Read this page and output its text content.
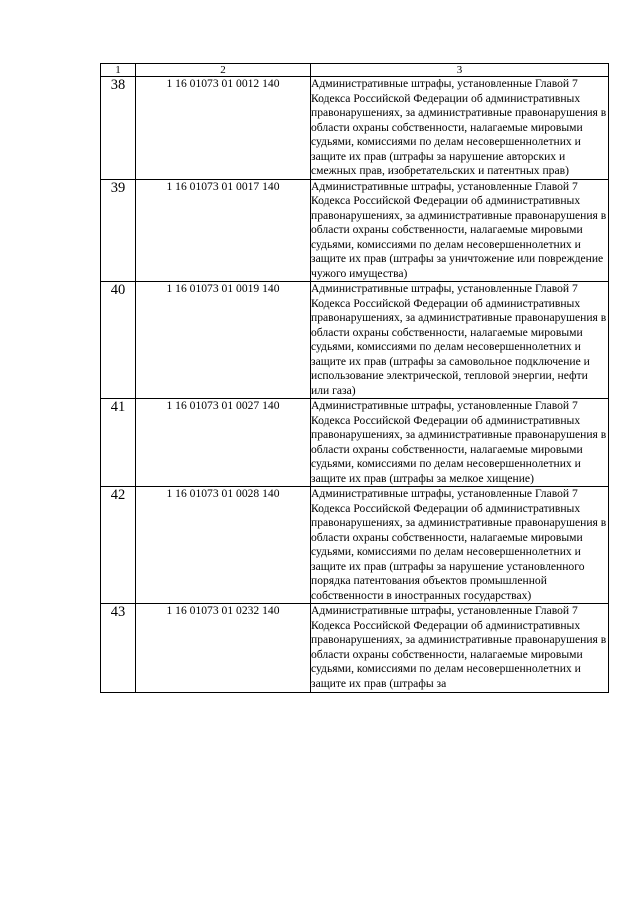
1	2	3
38	1 16 01073 01 0012 140	Административные штрафы, установленные Главой 7 Кодекса Российской Федерации об административных правонарушениях, за административные правонарушения в области охраны собственности, налагаемые мировыми судьями, комиссиями по делам несовершеннолетних и защите их прав (штрафы за нарушение авторских и смежных прав, изобретательских и патентных прав)
39	1 16 01073 01 0017 140	Административные штрафы, установленные Главой 7 Кодекса Российской Федерации об административных правонарушениях, за административные правонарушения в области охраны собственности, налагаемые мировыми судьями, комиссиями по делам несовершеннолетних и защите их прав (штрафы за уничтожение или повреждение чужого имущества)
40	1 16 01073 01 0019 140	Административные штрафы, установленные Главой 7 Кодекса Российской Федерации об административных правонарушениях, за административные правонарушения в области охраны собственности, налагаемые мировыми судьями, комиссиями по делам несовершеннолетних и защите их прав (штрафы за самовольное подключение и использование электрической, тепловой энергии, нефти или газа)
41	1 16 01073 01 0027 140	Административные штрафы, установленные Главой 7 Кодекса Российской Федерации об административных правонарушениях, за административные правонарушения в области охраны собственности, налагаемые мировыми судьями, комиссиями по делам несовершеннолетних и защите их прав (штрафы за мелкое хищение)
42	1 16 01073 01 0028 140	Административные штрафы, установленные Главой 7 Кодекса Российской Федерации об административных правонарушениях, за административные правонарушения в области охраны собственности, налагаемые мировыми судьями, комиссиями по делам несовершеннолетних и защите их прав (штрафы за нарушение установленного порядка патентования объектов промышленной собственности в иностранных государствах)
43	1 16 01073 01 0232 140	Административные штрафы, установленные Главой 7 Кодекса Российской Федерации об административных правонарушениях, за административные правонарушения в области охраны собственности, налагаемые мировыми судьями, комиссиями по делам несовершеннолетних и защите их прав (штрафы за
